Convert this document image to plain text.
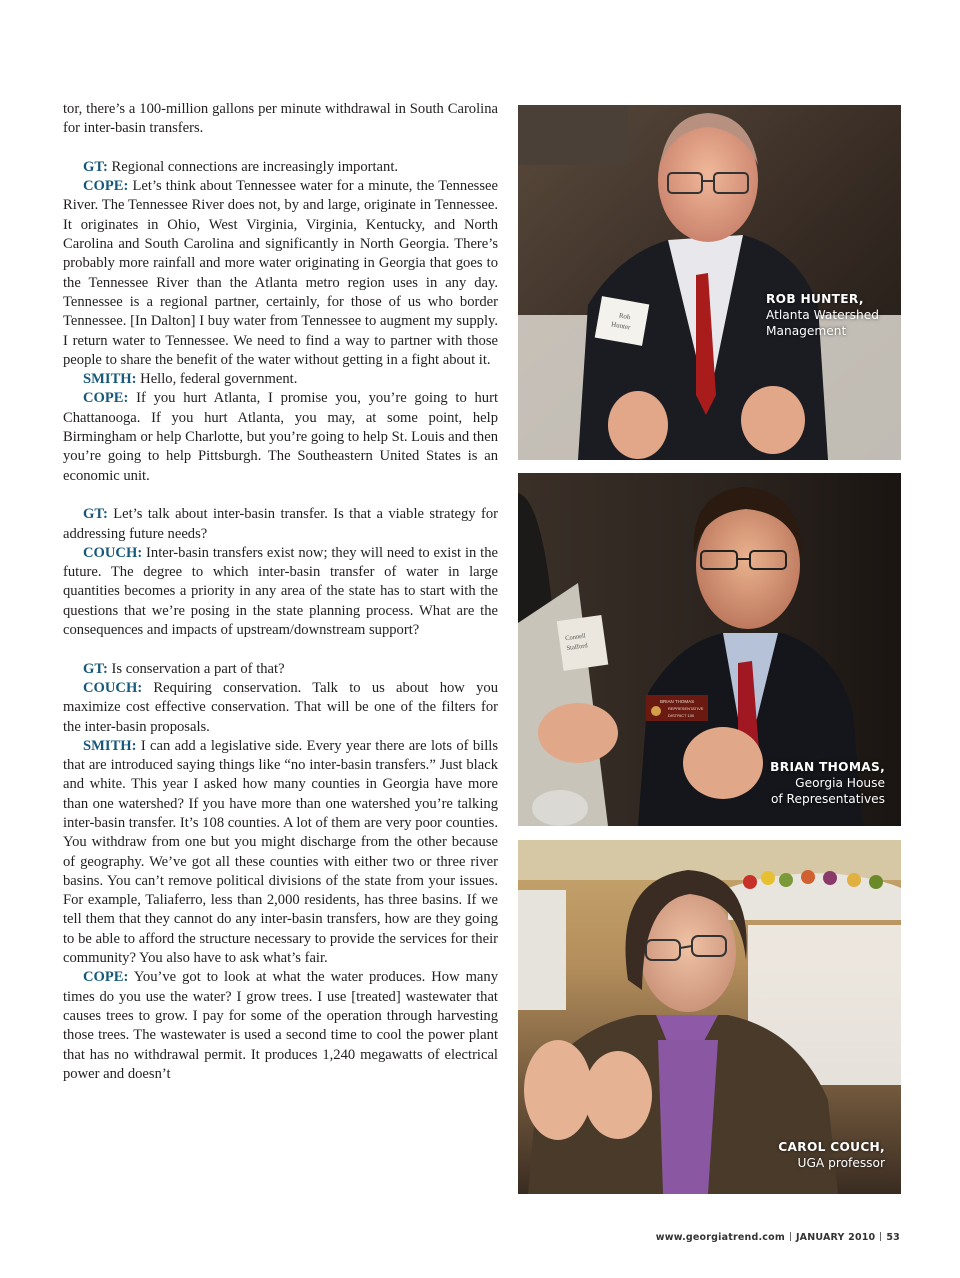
tor, there’s a 100-million gallons per minute withdrawal in South Carolina for inter-basin transfers.

GT: Regional connections are increasingly important.

COPE: Let’s think about Tennessee water for a minute, the Tennessee River. The Tennessee River does not, by and large, originate in Tennessee. It originates in Ohio, West Virginia, Virginia, Kentucky, and North Carolina and South Carolina and significantly in North Georgia. There’s probably more rainfall and more water originating in Georgia that goes to the Tennessee River than the Atlanta metro region uses in any day. Tennessee is a regional partner, certainly, for those of us who border Tennessee. [In Dalton] I buy water from Tennessee to augment my supply. I return water to Tennessee. We need to find a way to partner with those people to share the benefit of the water without getting in a fight about it.

SMITH: Hello, federal government.

COPE: If you hurt Atlanta, I promise you, you’re going to hurt Chattanooga. If you hurt Atlanta, you may, at some point, help Birmingham or help Charlotte, but you’re going to help St. Louis and then you’re going to help Pittsburgh. The Southeastern United States is an economic unit.

GT: Let’s talk about inter-basin transfer. Is that a viable strategy for addressing future needs?

COUCH: Inter-basin transfers exist now; they will need to exist in the future. The degree to which inter-basin transfer of water in large quantities becomes a priority in any area of the state has to start with the questions that we’re posing in the state planning process. What are the consequences and impacts of upstream/downstream support?

GT: Is conservation a part of that?

COUCH: Requiring conservation. Talk to us about how you maximize cost effective conservation. That will be one of the filters for the inter-basin proposals.

SMITH: I can add a legislative side. Every year there are lots of bills that are introduced saying things like “no inter-basin transfers.” Just black and white. This year I asked how many counties in Georgia have more than one watershed? If you have more than one watershed you’re talking inter-basin transfer. It’s 108 counties. A lot of them are very poor counties. You withdraw from one but you might discharge from the other because of geography. We’ve got all these counties with either two or three river basins. You can’t remove political divisions of the state from your issues. For example, Taliaferro, less than 2,000 residents, has three basins. If we tell them that they cannot do any inter-basin transfers, how are they going to be able to afford the structure necessary to provide the services for their community? You also have to ask what’s fair.

COPE: You’ve got to look at what the water produces. How many times do you use the water? I grow trees. I use [treated] wastewater that causes trees to grow. I pay for some of the operation through harvesting those trees. The wastewater is used a second time to cool the power plant that has no withdrawal permit. It produces 1,240 megawatts of electrical power and doesn’t

Rob
Hunter
ROB HUNTER,
Atlanta Watershed
Management
Connell
Stafford
BRIAN THOMAS
REPRESENTATIVE
DISTRICT 100
BRIAN THOMAS,
Georgia House
of Representatives
CAROL COUCH,
UGA professor
www.georgiatrend.com JANUARY 2010 53
